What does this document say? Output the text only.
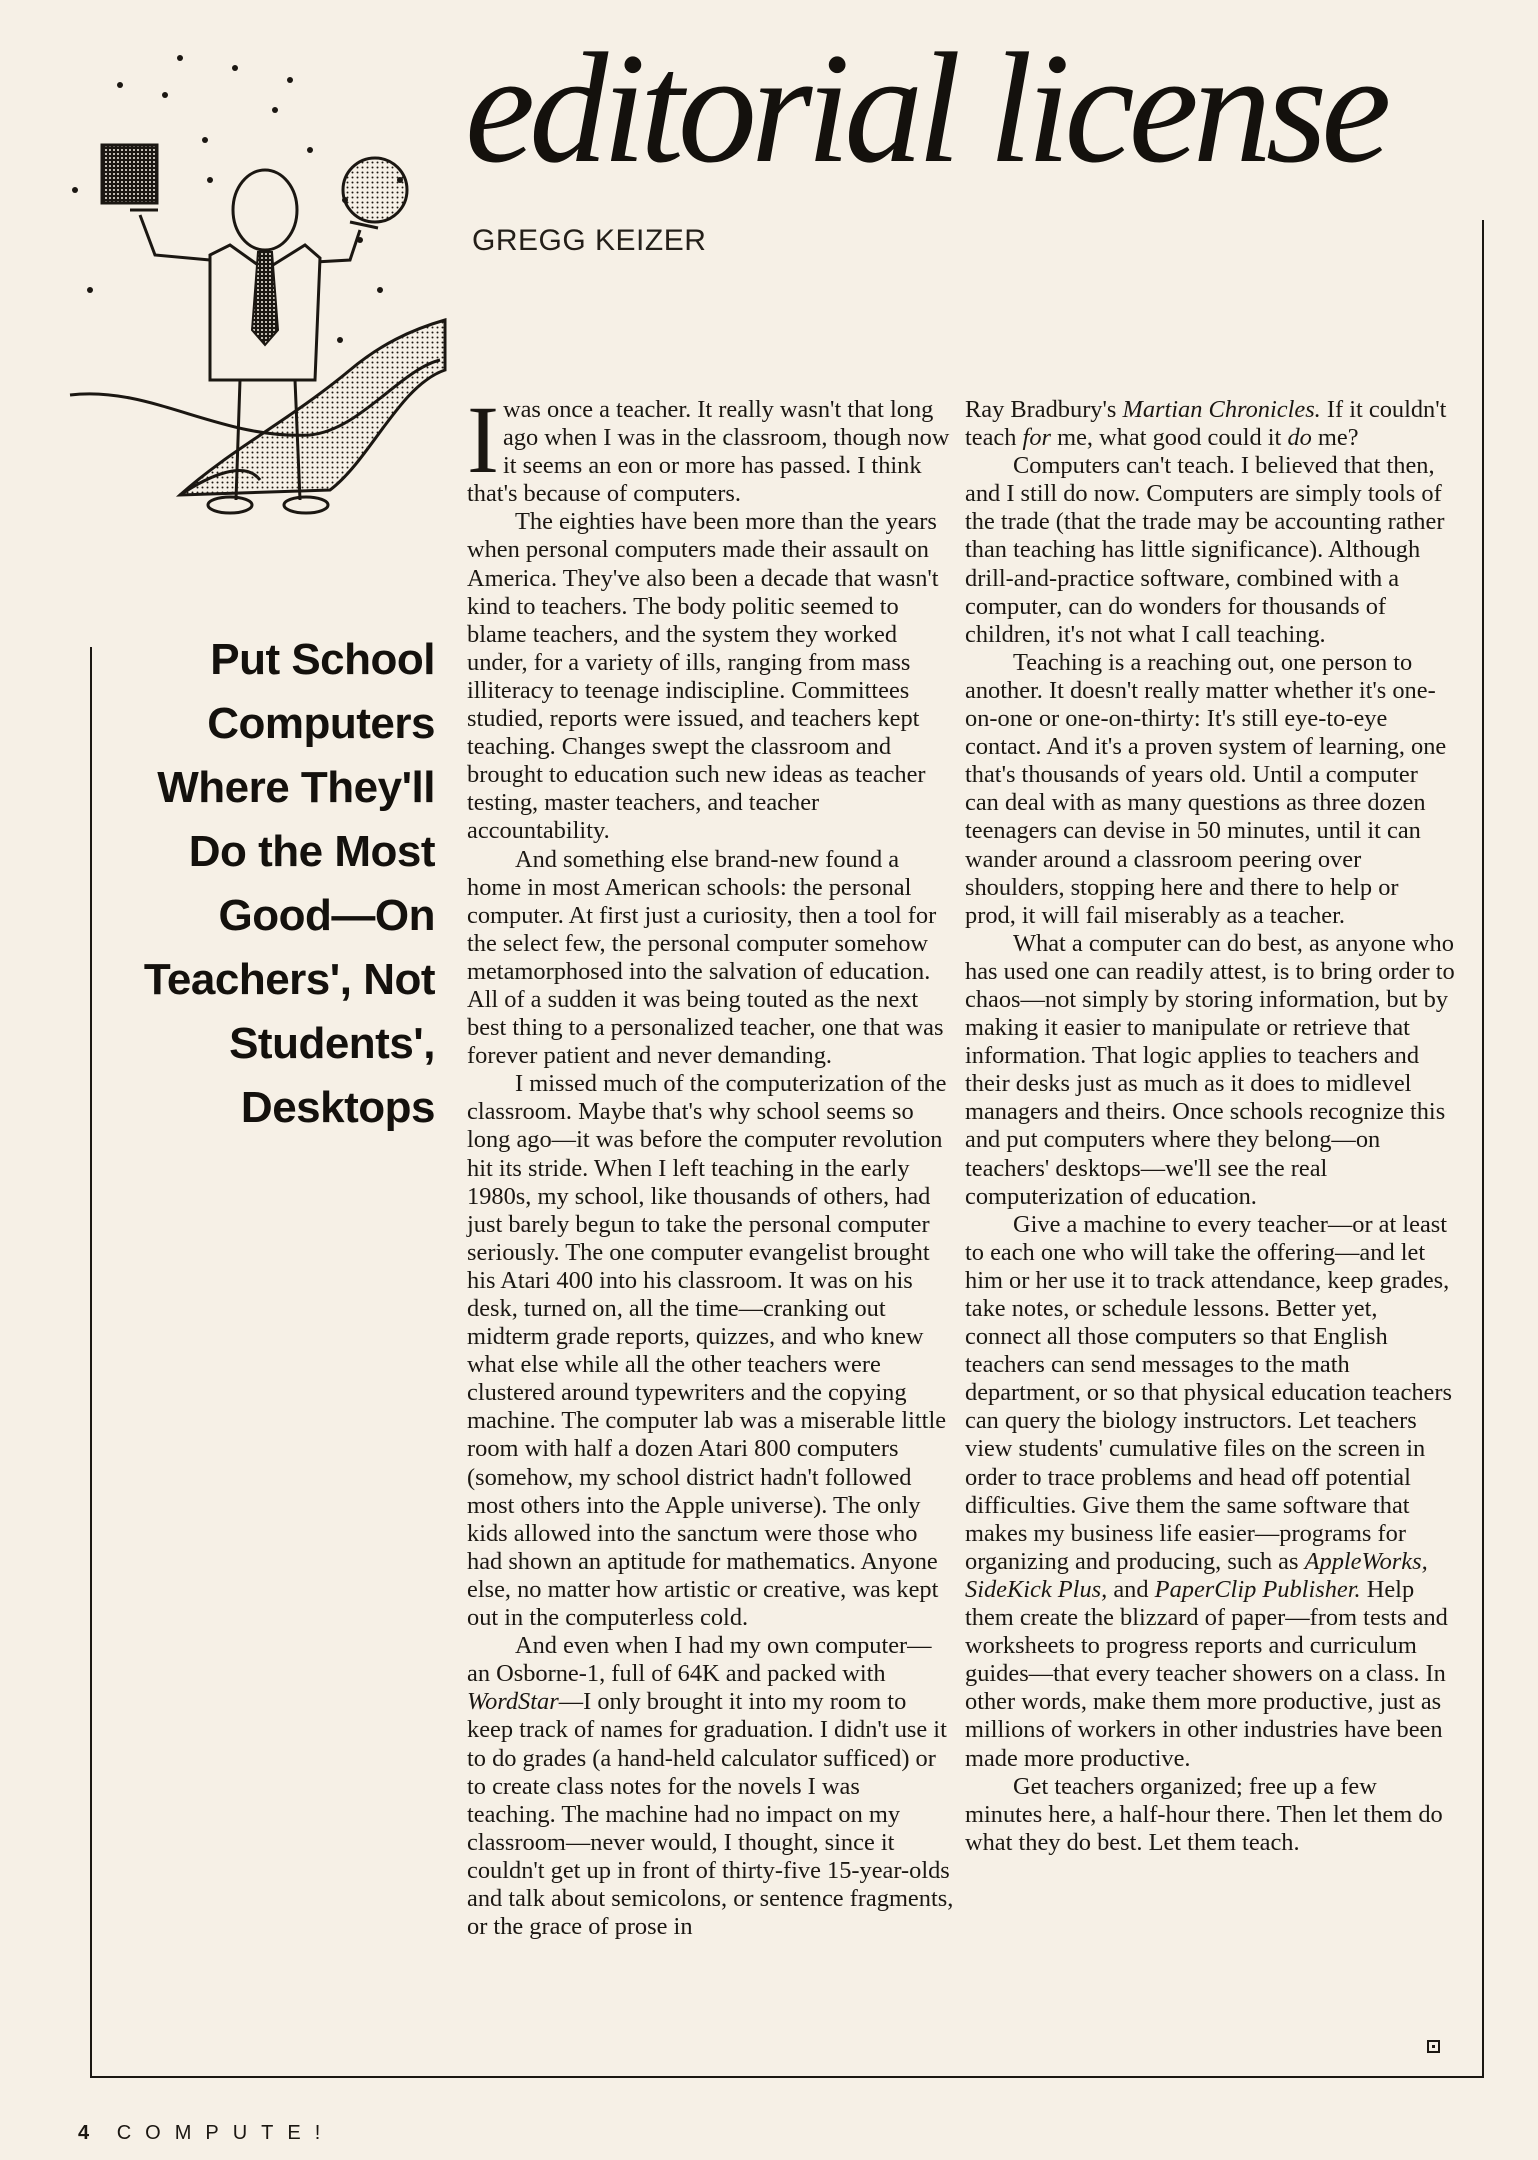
editorial license
GREGG KEIZER
Put School
Computers
Where They'll
Do the Most
Good—On
Teachers', Not
Students',
Desktops

Iwas once a teacher. It really wasn't that long ago when I was in the classroom, though now it seems an eon or more has passed. I think that's because of computers.

The eighties have been more than the years when personal computers made their assault on America. They've also been a decade that wasn't kind to teachers. The body politic seemed to blame teachers, and the system they worked under, for a variety of ills, ranging from mass illiteracy to teenage indiscipline. Committees studied, reports were issued, and teachers kept teaching. Changes swept the classroom and brought to education such new ideas as teacher testing, master teachers, and teacher accountability.

And something else brand-new found a home in most American schools: the personal computer. At first just a curiosity, then a tool for the select few, the personal computer somehow metamorphosed into the salvation of education. All of a sudden it was being touted as the next best thing to a personalized teacher, one that was forever patient and never demanding.

I missed much of the computerization of the classroom. Maybe that's why school seems so long ago—it was before the computer revolution hit its stride. When I left teaching in the early 1980s, my school, like thousands of others, had just barely begun to take the personal computer seriously. The one computer evangelist brought his Atari 400 into his classroom. It was on his desk, turned on, all the time—cranking out midterm grade reports, quizzes, and who knew what else while all the other teachers were clustered around typewriters and the copying machine. The computer lab was a miserable little room with half a dozen Atari 800 computers (somehow, my school district hadn't followed most others into the Apple universe). The only kids allowed into the sanctum were those who had shown an aptitude for mathematics. Anyone else, no matter how artistic or creative, was kept out in the computerless cold.

And even when I had my own computer—an Osborne-1, full of 64K and packed with WordStar—I only brought it into my room to keep track of names for graduation. I didn't use it to do grades (a hand-held calculator sufficed) or to create class notes for the novels I was teaching. The machine had no impact on my classroom—never would, I thought, since it couldn't get up in front of thirty-five 15-year-olds and talk about semicolons, or sentence fragments, or the grace of prose in

Ray Bradbury's Martian Chronicles. If it couldn't teach for me, what good could it do me?

Computers can't teach. I believed that then, and I still do now. Computers are simply tools of the trade (that the trade may be accounting rather than teaching has little significance). Although drill-and-practice software, combined with a computer, can do wonders for thousands of children, it's not what I call teaching.

Teaching is a reaching out, one person to another. It doesn't really matter whether it's one-on-one or one-on-thirty: It's still eye-to-eye contact. And it's a proven system of learning, one that's thousands of years old. Until a computer can deal with as many questions as three dozen teenagers can devise in 50 minutes, until it can wander around a classroom peering over shoulders, stopping here and there to help or prod, it will fail miserably as a teacher.

What a computer can do best, as anyone who has used one can readily attest, is to bring order to chaos—not simply by storing information, but by making it easier to manipulate or retrieve that information. That logic applies to teachers and their desks just as much as it does to midlevel managers and theirs. Once schools recognize this and put computers where they belong—on teachers' desktops—we'll see the real computerization of education.

Give a machine to every teacher—or at least to each one who will take the offering—and let him or her use it to track attendance, keep grades, take notes, or schedule lessons. Better yet, connect all those computers so that English teachers can send messages to the math department, or so that physical education teachers can query the biology instructors. Let teachers view students' cumulative files on the screen in order to trace problems and head off potential difficulties. Give them the same software that makes my business life easier—programs for organizing and producing, such as AppleWorks, SideKick Plus, and PaperClip Publisher. Help them create the blizzard of paper—from tests and worksheets to progress reports and curriculum guides—that every teacher showers on a class. In other words, make them more productive, just as millions of workers in other industries have been made more productive.

Get teachers organized; free up a few minutes here, a half-hour there. Then let them do what they do best. Let them teach.

4 COMPUTE!
